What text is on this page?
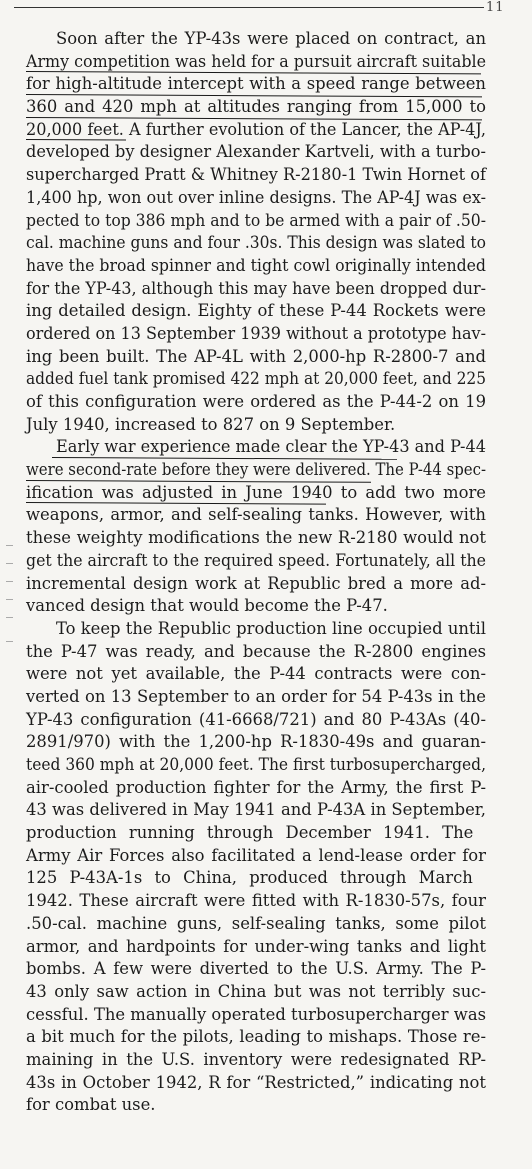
11
Soon after the YP-43s were placed on contract, an
Army competition was held for a pursuit aircraft suitable
for high-altitude intercept with a speed range between
360 and 420 mph at altitudes ranging from 15,000 to
20,000 feet. A further evolution of the Lancer, the AP-4J,
developed by designer Alexander Kartveli, with a turbo-
supercharged Pratt & Whitney R-2180-1 Twin Hornet of
1,400 hp, won out over inline designs. The AP-4J was ex-
pected to top 386 mph and to be armed with a pair of .50-
cal. machine guns and four .30s. This design was slated to
have the broad spinner and tight cowl originally intended
for the YP-43, although this may have been dropped dur-
ing detailed design. Eighty of these P-44 Rockets were
ordered on 13 September 1939 without a prototype hav-
ing been built. The AP-4L with 2,000-hp R-2800-7 and
added fuel tank promised 422 mph at 20,000 feet, and 225
of this configuration were ordered as the P-44-2 on 19
July 1940, increased to 827 on 9 September.
Early war experience made clear the YP-43 and P-44
were second-rate before they were delivered. The P-44 spec-
ification was adjusted in June 1940 to add two more
weapons, armor, and self-sealing tanks. However, with
these weighty modifications the new R-2180 would not
get the aircraft to the required speed. Fortunately, all the
incremental design work at Republic bred a more ad-
vanced design that would become the P-47.
To keep the Republic production line occupied until
the P-47 was ready, and because the R-2800 engines
were not yet available, the P-44 contracts were con-
verted on 13 September to an order for 54 P-43s in the
YP-43 configuration (41-6668/721) and 80 P-43As (40-
2891/970) with the 1,200-hp R-1830-49s and guaran-
teed 360 mph at 20,000 feet. The first turbosupercharged,
air-cooled production fighter for the Army, the first P-
43 was delivered in May 1941 and P-43A in September,
production running through December 1941. The
Army Air Forces also facilitated a lend-lease order for
125 P-43A-1s to China, produced through March
1942. These aircraft were fitted with R-1830-57s, four
.50-cal. machine guns, self-sealing tanks, some pilot
armor, and hardpoints for under-wing tanks and light
bombs. A few were diverted to the U.S. Army. The P-
43 only saw action in China but was not terribly suc-
cessful. The manually operated turbosupercharger was
a bit much for the pilots, leading to mishaps. Those re-
maining in the U.S. inventory were redesignated RP-
43s in October 1942, R for “Restricted,” indicating not
for combat use.
